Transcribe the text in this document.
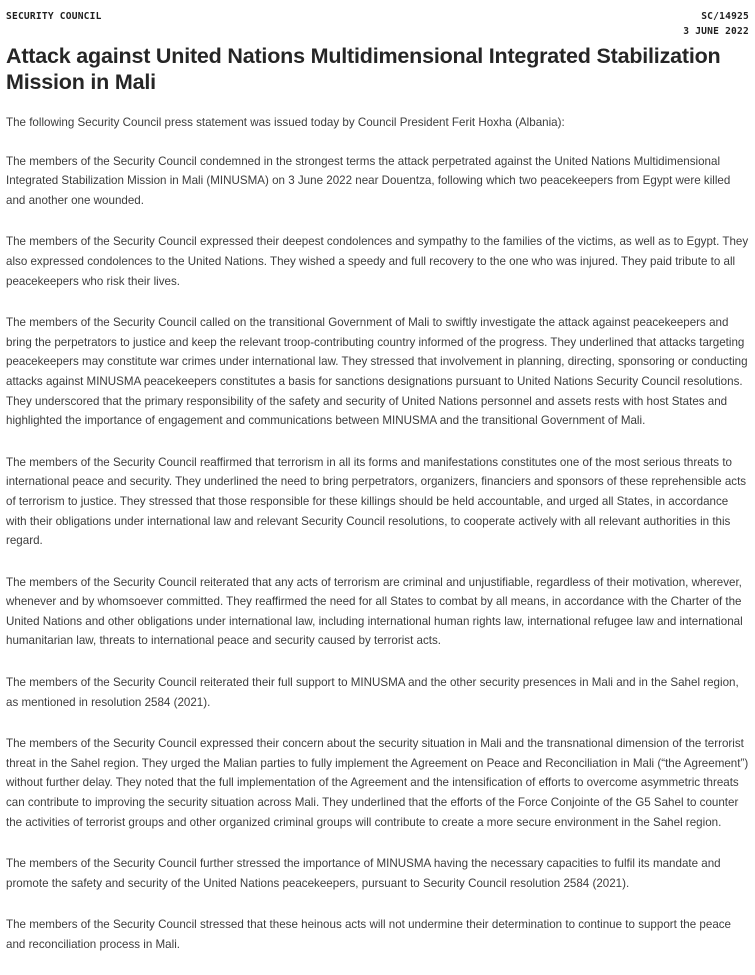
SECURITY COUNCIL	SC/14925
3 JUNE 2022
Attack against United Nations Multidimensional Integrated Stabilization Mission in Mali

The following Security Council press statement was issued today by Council President Ferit Hoxha (Albania):

The members of the Security Council condemned in the strongest terms the attack perpetrated against the United Nations Multidimensional Integrated Stabilization Mission in Mali (MINUSMA) on 3 June 2022 near Douentza, following which two peacekeepers from Egypt were killed and another one wounded.

The members of the Security Council expressed their deepest condolences and sympathy to the families of the victims, as well as to Egypt. They also expressed condolences to the United Nations. They wished a speedy and full recovery to the one who was injured. They paid tribute to all peacekeepers who risk their lives.

The members of the Security Council called on the transitional Government of Mali to swiftly investigate the attack against peacekeepers and bring the perpetrators to justice and keep the relevant troop-contributing country informed of the progress. They underlined that attacks targeting peacekeepers may constitute war crimes under international law. They stressed that involvement in planning, directing, sponsoring or conducting attacks against MINUSMA peacekeepers constitutes a basis for sanctions designations pursuant to United Nations Security Council resolutions. They underscored that the primary responsibility of the safety and security of United Nations personnel and assets rests with host States and highlighted the importance of engagement and communications between MINUSMA and the transitional Government of Mali.

The members of the Security Council reaffirmed that terrorism in all its forms and manifestations constitutes one of the most serious threats to international peace and security. They underlined the need to bring perpetrators, organizers, financiers and sponsors of these reprehensible acts of terrorism to justice. They stressed that those responsible for these killings should be held accountable, and urged all States, in accordance with their obligations under international law and relevant Security Council resolutions, to cooperate actively with all relevant authorities in this regard.

The members of the Security Council reiterated that any acts of terrorism are criminal and unjustifiable, regardless of their motivation, wherever, whenever and by whomsoever committed. They reaffirmed the need for all States to combat by all means, in accordance with the Charter of the United Nations and other obligations under international law, including international human rights law, international refugee law and international humanitarian law, threats to international peace and security caused by terrorist acts.

The members of the Security Council reiterated their full support to MINUSMA and the other security presences in Mali and in the Sahel region, as mentioned in resolution 2584 (2021).

The members of the Security Council expressed their concern about the security situation in Mali and the transnational dimension of the terrorist threat in the Sahel region. They urged the Malian parties to fully implement the Agreement on Peace and Reconciliation in Mali (“the Agreement”) without further delay. They noted that the full implementation of the Agreement and the intensification of efforts to overcome asymmetric threats can contribute to improving the security situation across Mali. They underlined that the efforts of the Force Conjointe of the G5 Sahel to counter the activities of terrorist groups and other organized criminal groups will contribute to create a more secure environment in the Sahel region.

The members of the Security Council further stressed the importance of MINUSMA having the necessary capacities to fulfil its mandate and promote the safety and security of the United Nations peacekeepers, pursuant to Security Council resolution 2584 (2021).

The members of the Security Council stressed that these heinous acts will not undermine their determination to continue to support the peace and reconciliation process in Mali.
